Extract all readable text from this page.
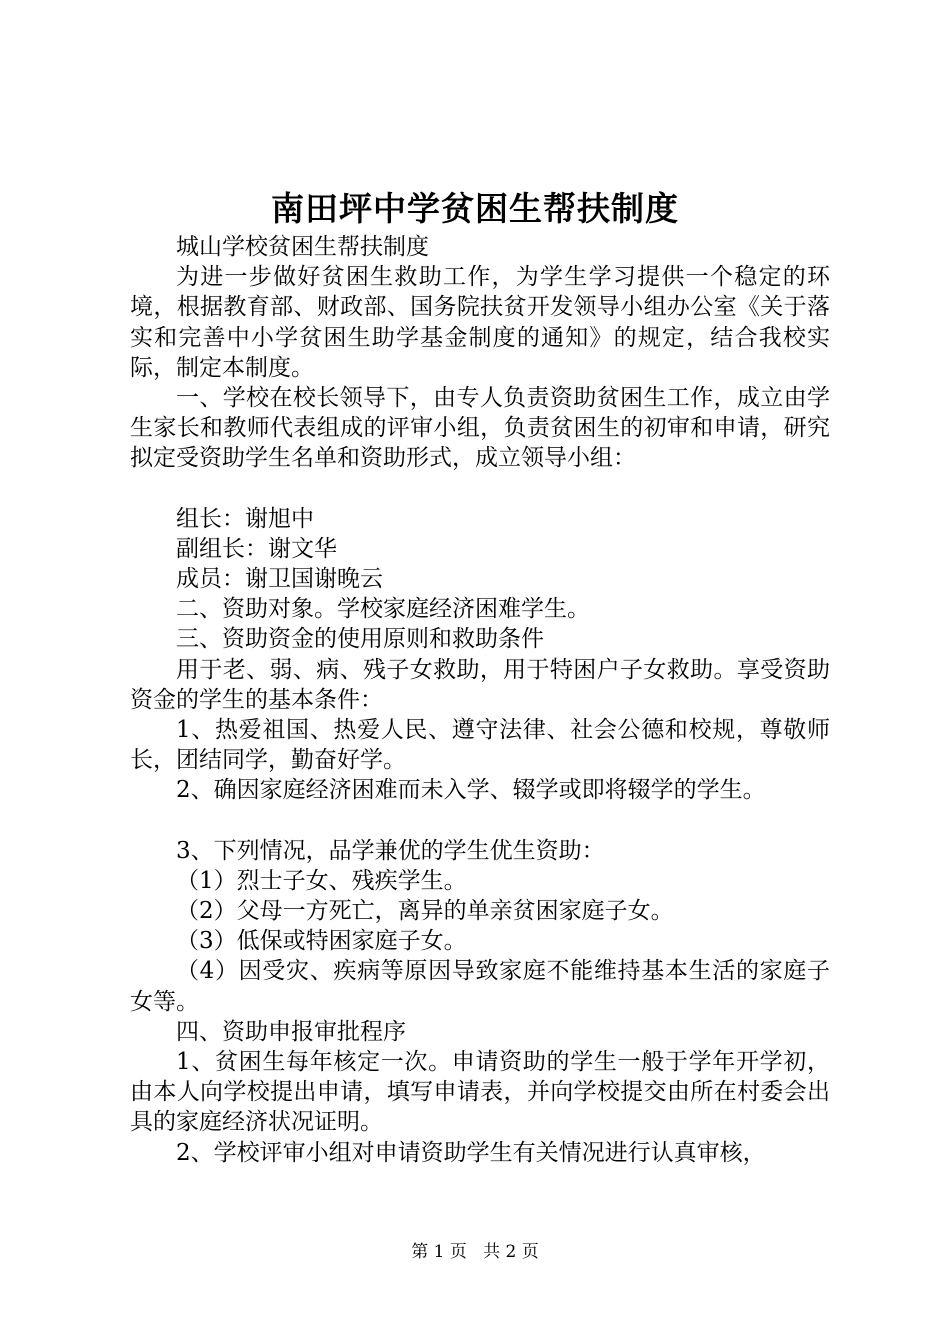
南田坪中学贫困生帮扶制度

城山学校贫困生帮扶制度

为进一步做好贫困生救助工作，为学生学习提供一个稳定的环境，根据教育部、财政部、国务院扶贫开发领导小组办公室《关于落实和完善中小学贫困生助学基金制度的通知》的规定，结合我校实际，制定本制度。

一、学校在校长领导下，由专人负责资助贫困生工作，成立由学生家长和教师代表组成的评审小组，负责贫困生的初审和申请，研究拟定受资助学生名单和资助形式，成立领导小组：

组长：谢旭中

副组长：谢文华

成员：谢卫国谢晚云

二、资助对象。学校家庭经济困难学生。

三、资助资金的使用原则和救助条件

用于老、弱、病、残子女救助，用于特困户子女救助。享受资助资金的学生的基本条件：

1、热爱祖国、热爱人民、遵守法律、社会公德和校规，尊敬师长，团结同学，勤奋好学。

2、确因家庭经济困难而未入学、辍学或即将辍学的学生。

3、下列情况，品学兼优的学生优生资助：

（1）烈士子女、残疾学生。

（2）父母一方死亡，离异的单亲贫困家庭子女。

（3）低保或特困家庭子女。

（4）因受灾、疾病等原因导致家庭不能维持基本生活的家庭子女等。

四、资助申报审批程序

1、贫困生每年核定一次。申请资助的学生一般于学年开学初，由本人向学校提出申请，填写申请表，并向学校提交由所在村委会出具的家庭经济状况证明。

2、学校评审小组对申请资助学生有关情况进行认真审核，

第 1 页   共 2 页
